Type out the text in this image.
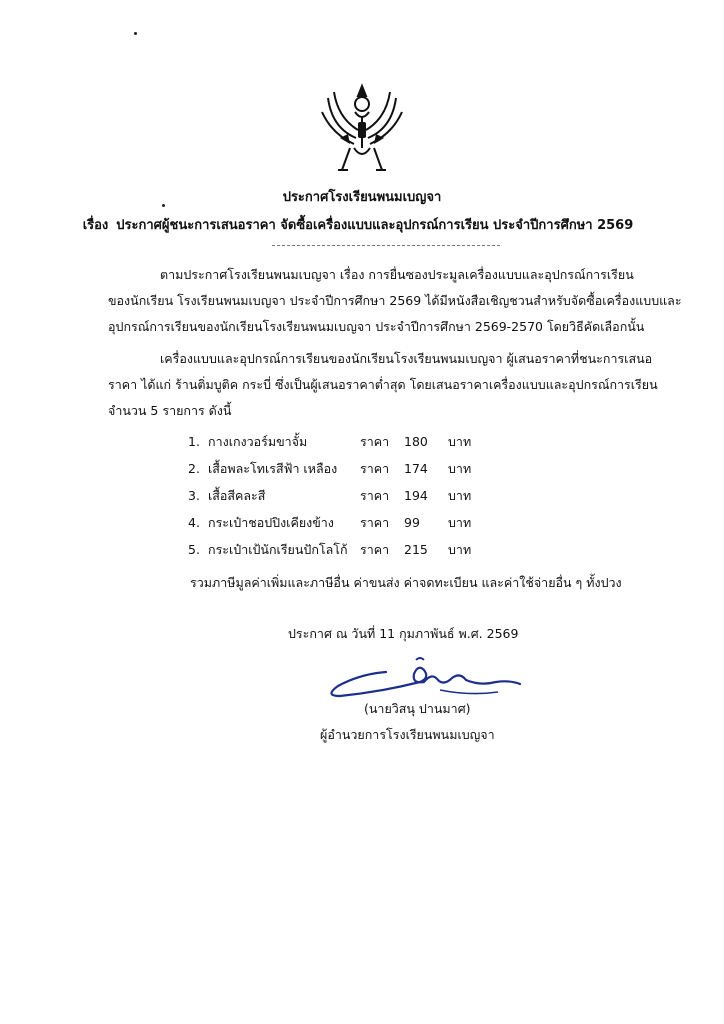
ประกาศโรงเรียนพนมเบญจา
เรื่อง ประกาศผู้ชนะการเสนอราคา จัดซื้อเครื่องแบบและอุปกรณ์การเรียน ประจำปีการศึกษา 2569
ตามประกาศโรงเรียนพนมเบญจา เรื่อง การยื่นซองประมูลเครื่องแบบและอุปกรณ์การเรียน
ของนักเรียน โรงเรียนพนมเบญจา ประจำปีการศึกษา 2569 ได้มีหนังสือเชิญชวนสำหรับจัดซื้อเครื่องแบบและ
อุปกรณ์การเรียนของนักเรียนโรงเรียนพนมเบญจา ประจำปีการศึกษา 2569-2570 โดยวิธีคัดเลือกนั้น
เครื่องแบบและอุปกรณ์การเรียนของนักเรียนโรงเรียนพนมเบญจา ผู้เสนอราคาที่ชนะการเสนอ
ราคา ได้แก่ ร้านติ่มบูติค กระบี่ ซึ่งเป็นผู้เสนอราคาต่ำสุด โดยเสนอราคาเครื่องแบบและอุปกรณ์การเรียน
จำนวน 5 รายการ ดังนี้
1. กางเกงวอร์มขาจั้ม	ราคา 180 บาท
2. เสื้อพละโทเรสีฟ้า เหลือง ราคา 174 บาท
3. เสื้อสีคละสี	ราคา 194 บาท
4. กระเป๋าชอปปิงเคียงข้าง ราคา 99 บาท
5. กระเป๋าเป้นักเรียนปักโลโก้ ราคา 215 บาท
รวมภาษีมูลค่าเพิ่มและภาษีอื่น ค่าขนส่ง ค่าจดทะเบียน และค่าใช้จ่ายอื่น ๆ ทั้งปวง
ประกาศ ณ วันที่ 11 กุมภาพันธ์ พ.ศ. 2569
(นายวิสนุ ปานมาศ)
ผู้อำนวยการโรงเรียนพนมเบญจา
